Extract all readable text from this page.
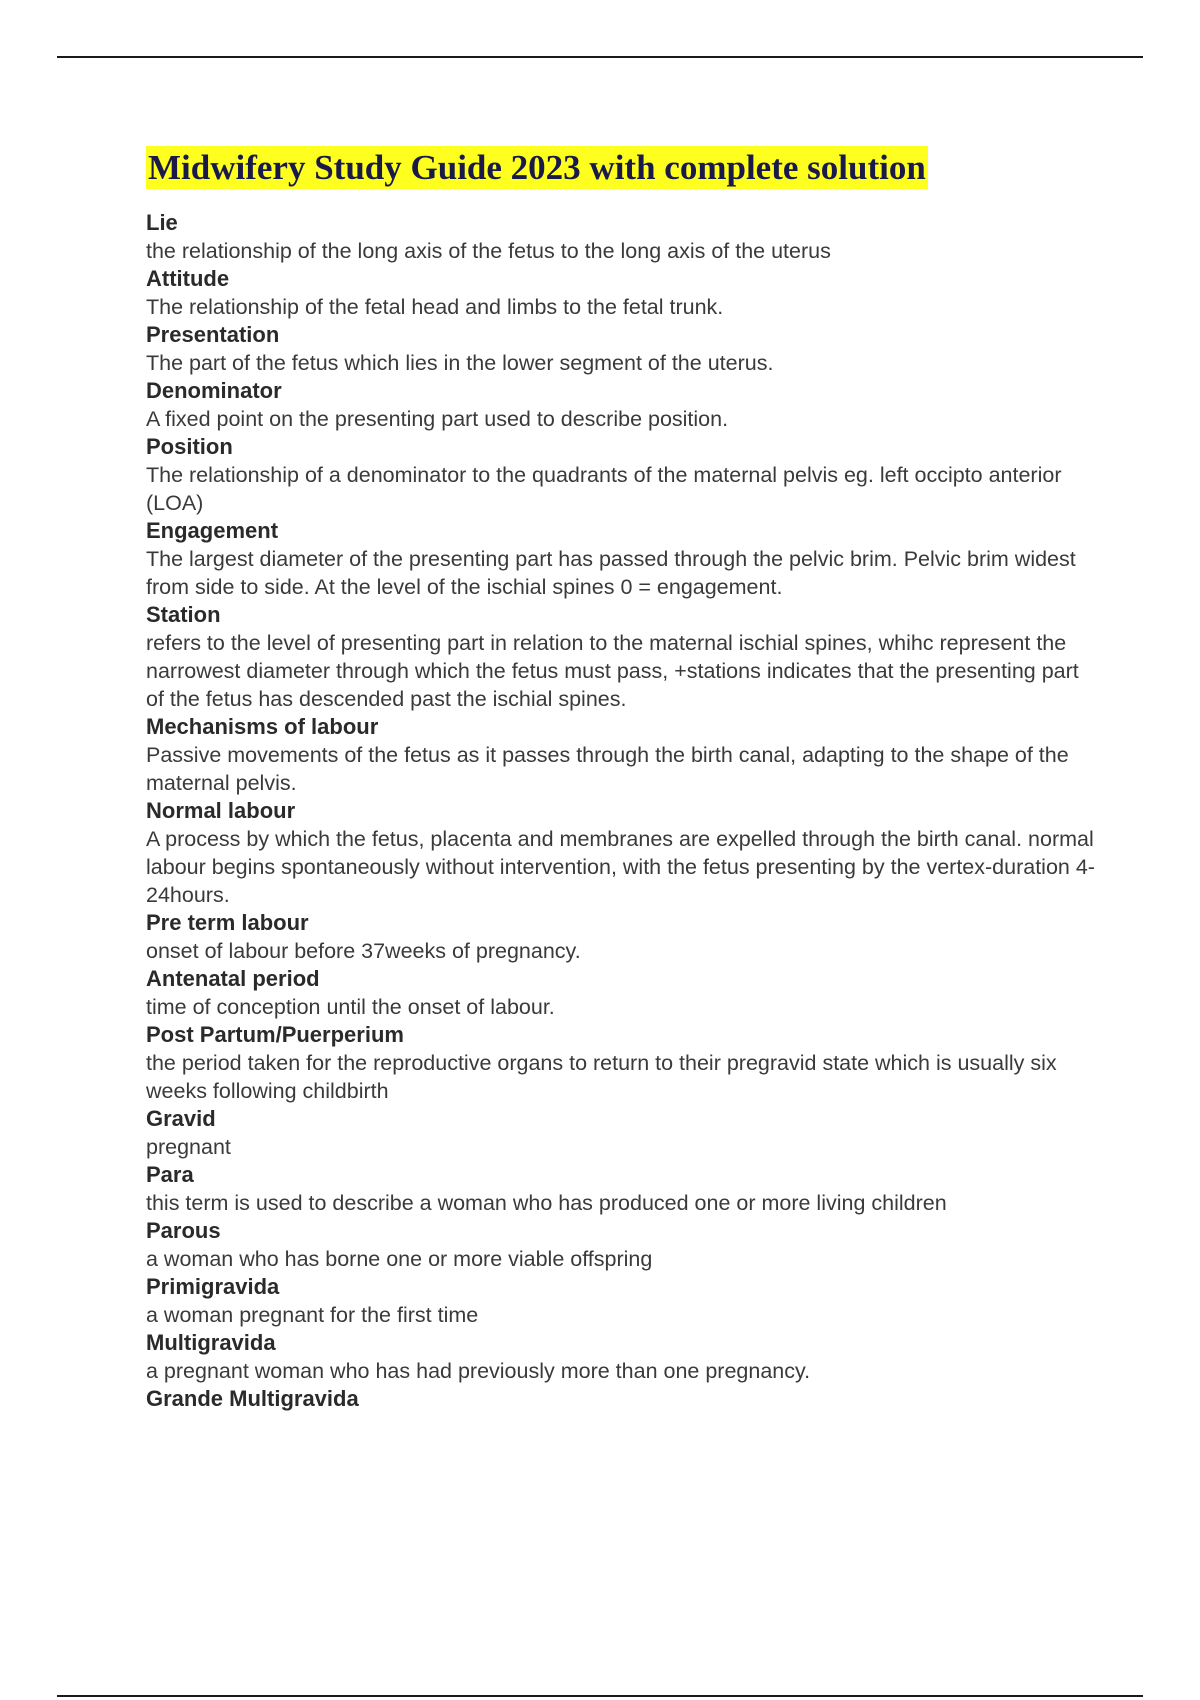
Midwifery Study Guide 2023 with complete solution

Lie

the relationship of the long axis of the fetus to the long axis of the uterus

Attitude

The relationship of the fetal head and limbs to the fetal trunk.

Presentation

The part of the fetus which lies in the lower segment of the uterus.

Denominator

A fixed point on the presenting part used to describe position.

Position

The relationship of a denominator to the quadrants of the maternal pelvis eg. left occipto anterior (LOA)

Engagement

The largest diameter of the presenting part has passed through the pelvic brim. Pelvic brim widest from side to side. At the level of the ischial spines 0 = engagement.

Station

refers to the level of presenting part in relation to the maternal ischial spines, whihc represent the narrowest diameter through which the fetus must pass, +stations indicates that the presenting part of the fetus has descended past the ischial spines.

Mechanisms of labour

Passive movements of the fetus as it passes through the birth canal, adapting to the shape of the maternal pelvis.

Normal labour

A process by which the fetus, placenta and membranes are expelled through the birth canal. normal labour begins spontaneously without intervention, with the fetus presenting by the vertex-duration 4-24hours.

Pre term labour

onset of labour before 37weeks of pregnancy.

Antenatal period

time of conception until the onset of labour.

Post Partum/Puerperium

the period taken for the reproductive organs to return to their pregravid state which is usually six weeks following childbirth

Gravid

pregnant

Para

this term is used to describe a woman who has produced one or more living children

Parous

a woman who has borne one or more viable offspring

Primigravida

a woman pregnant for the first time

Multigravida

a pregnant woman who has had previously more than one pregnancy.

Grande Multigravida
